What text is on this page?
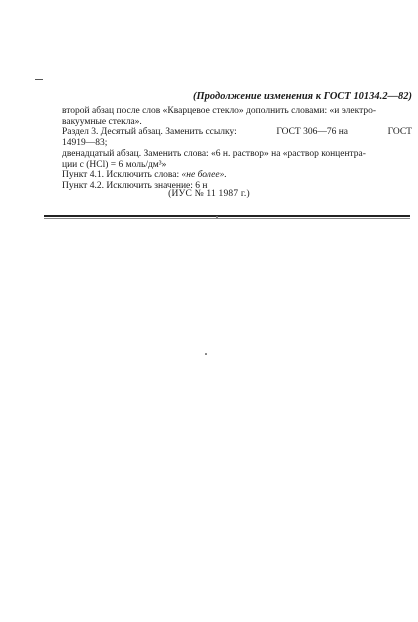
(Продолжение изменения к ГОСТ 10134.2—82)

второй абзац после слов «Кварцевое стекло» дополнить словами: «и электро-
вакуумные стекла».

Раздел 3. Десятый абзац. Заменить ссылку:	ГОСТ 306—76 на	ГОСТ
14919—83;

двенадцатый абзац. Заменить слова: «6 н. раствор» на «раствор концентра-
ции c (HCl) = 6 моль/дм³»

Пункт 4.1. Исключить слова: «не более».

Пункт 4.2. Исключить значение: 6 н

(ИУС № 11 1987 г.)
